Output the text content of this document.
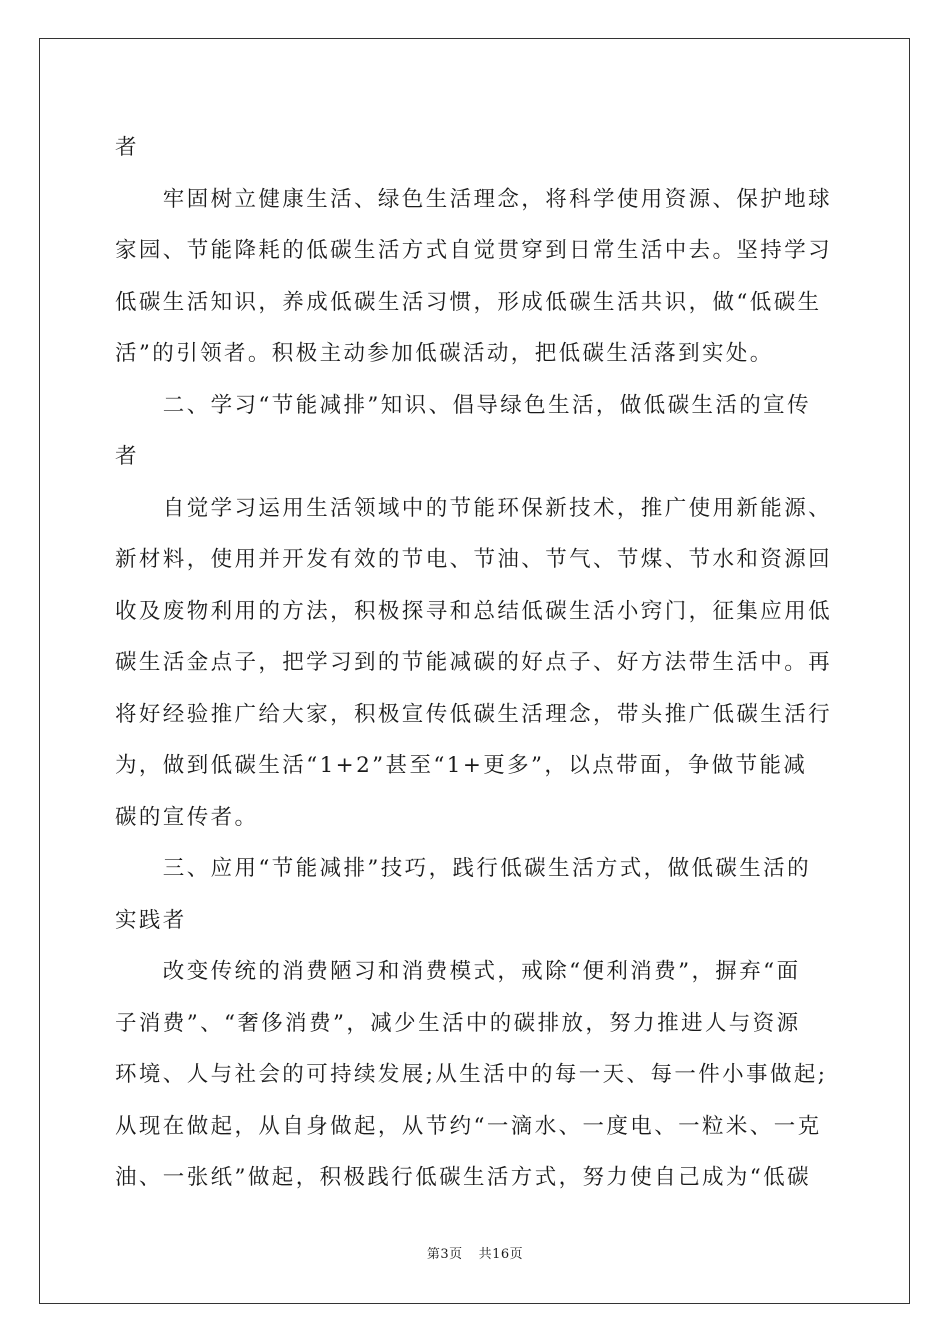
者
　　牢固树立健康生活、绿色生活理念，将科学使用资源、保护地球
家园、节能降耗的低碳生活方式自觉贯穿到日常生活中去。坚持学习
低碳生活知识，养成低碳生活习惯，形成低碳生活共识，做“低碳生
活”的引领者。积极主动参加低碳活动，把低碳生活落到实处。
　　二、学习“节能减排”知识、倡导绿色生活，做低碳生活的宣传
者
　　自觉学习运用生活领域中的节能环保新技术，推广使用新能源、
新材料，使用并开发有效的节电、节油、节气、节煤、节水和资源回
收及废物利用的方法，积极探寻和总结低碳生活小窍门，征集应用低
碳生活金点子，把学习到的节能减碳的好点子、好方法带生活中。再
将好经验推广给大家，积极宣传低碳生活理念，带头推广低碳生活行
为，做到低碳生活“1+2”甚至“1+更多”，以点带面，争做节能减
碳的宣传者。
　　三、应用“节能减排”技巧，践行低碳生活方式，做低碳生活的
实践者
　　改变传统的消费陋习和消费模式，戒除“便利消费”，摒弃“面
子消费”、“奢侈消费”，减少生活中的碳排放，努力推进人与资源
环境、人与社会的可持续发展;从生活中的每一天、每一件小事做起;
从现在做起，从自身做起，从节约“一滴水、一度电、一粒米、一克
油、一张纸”做起，积极践行低碳生活方式，努力使自己成为“低碳
第3页 共16页
